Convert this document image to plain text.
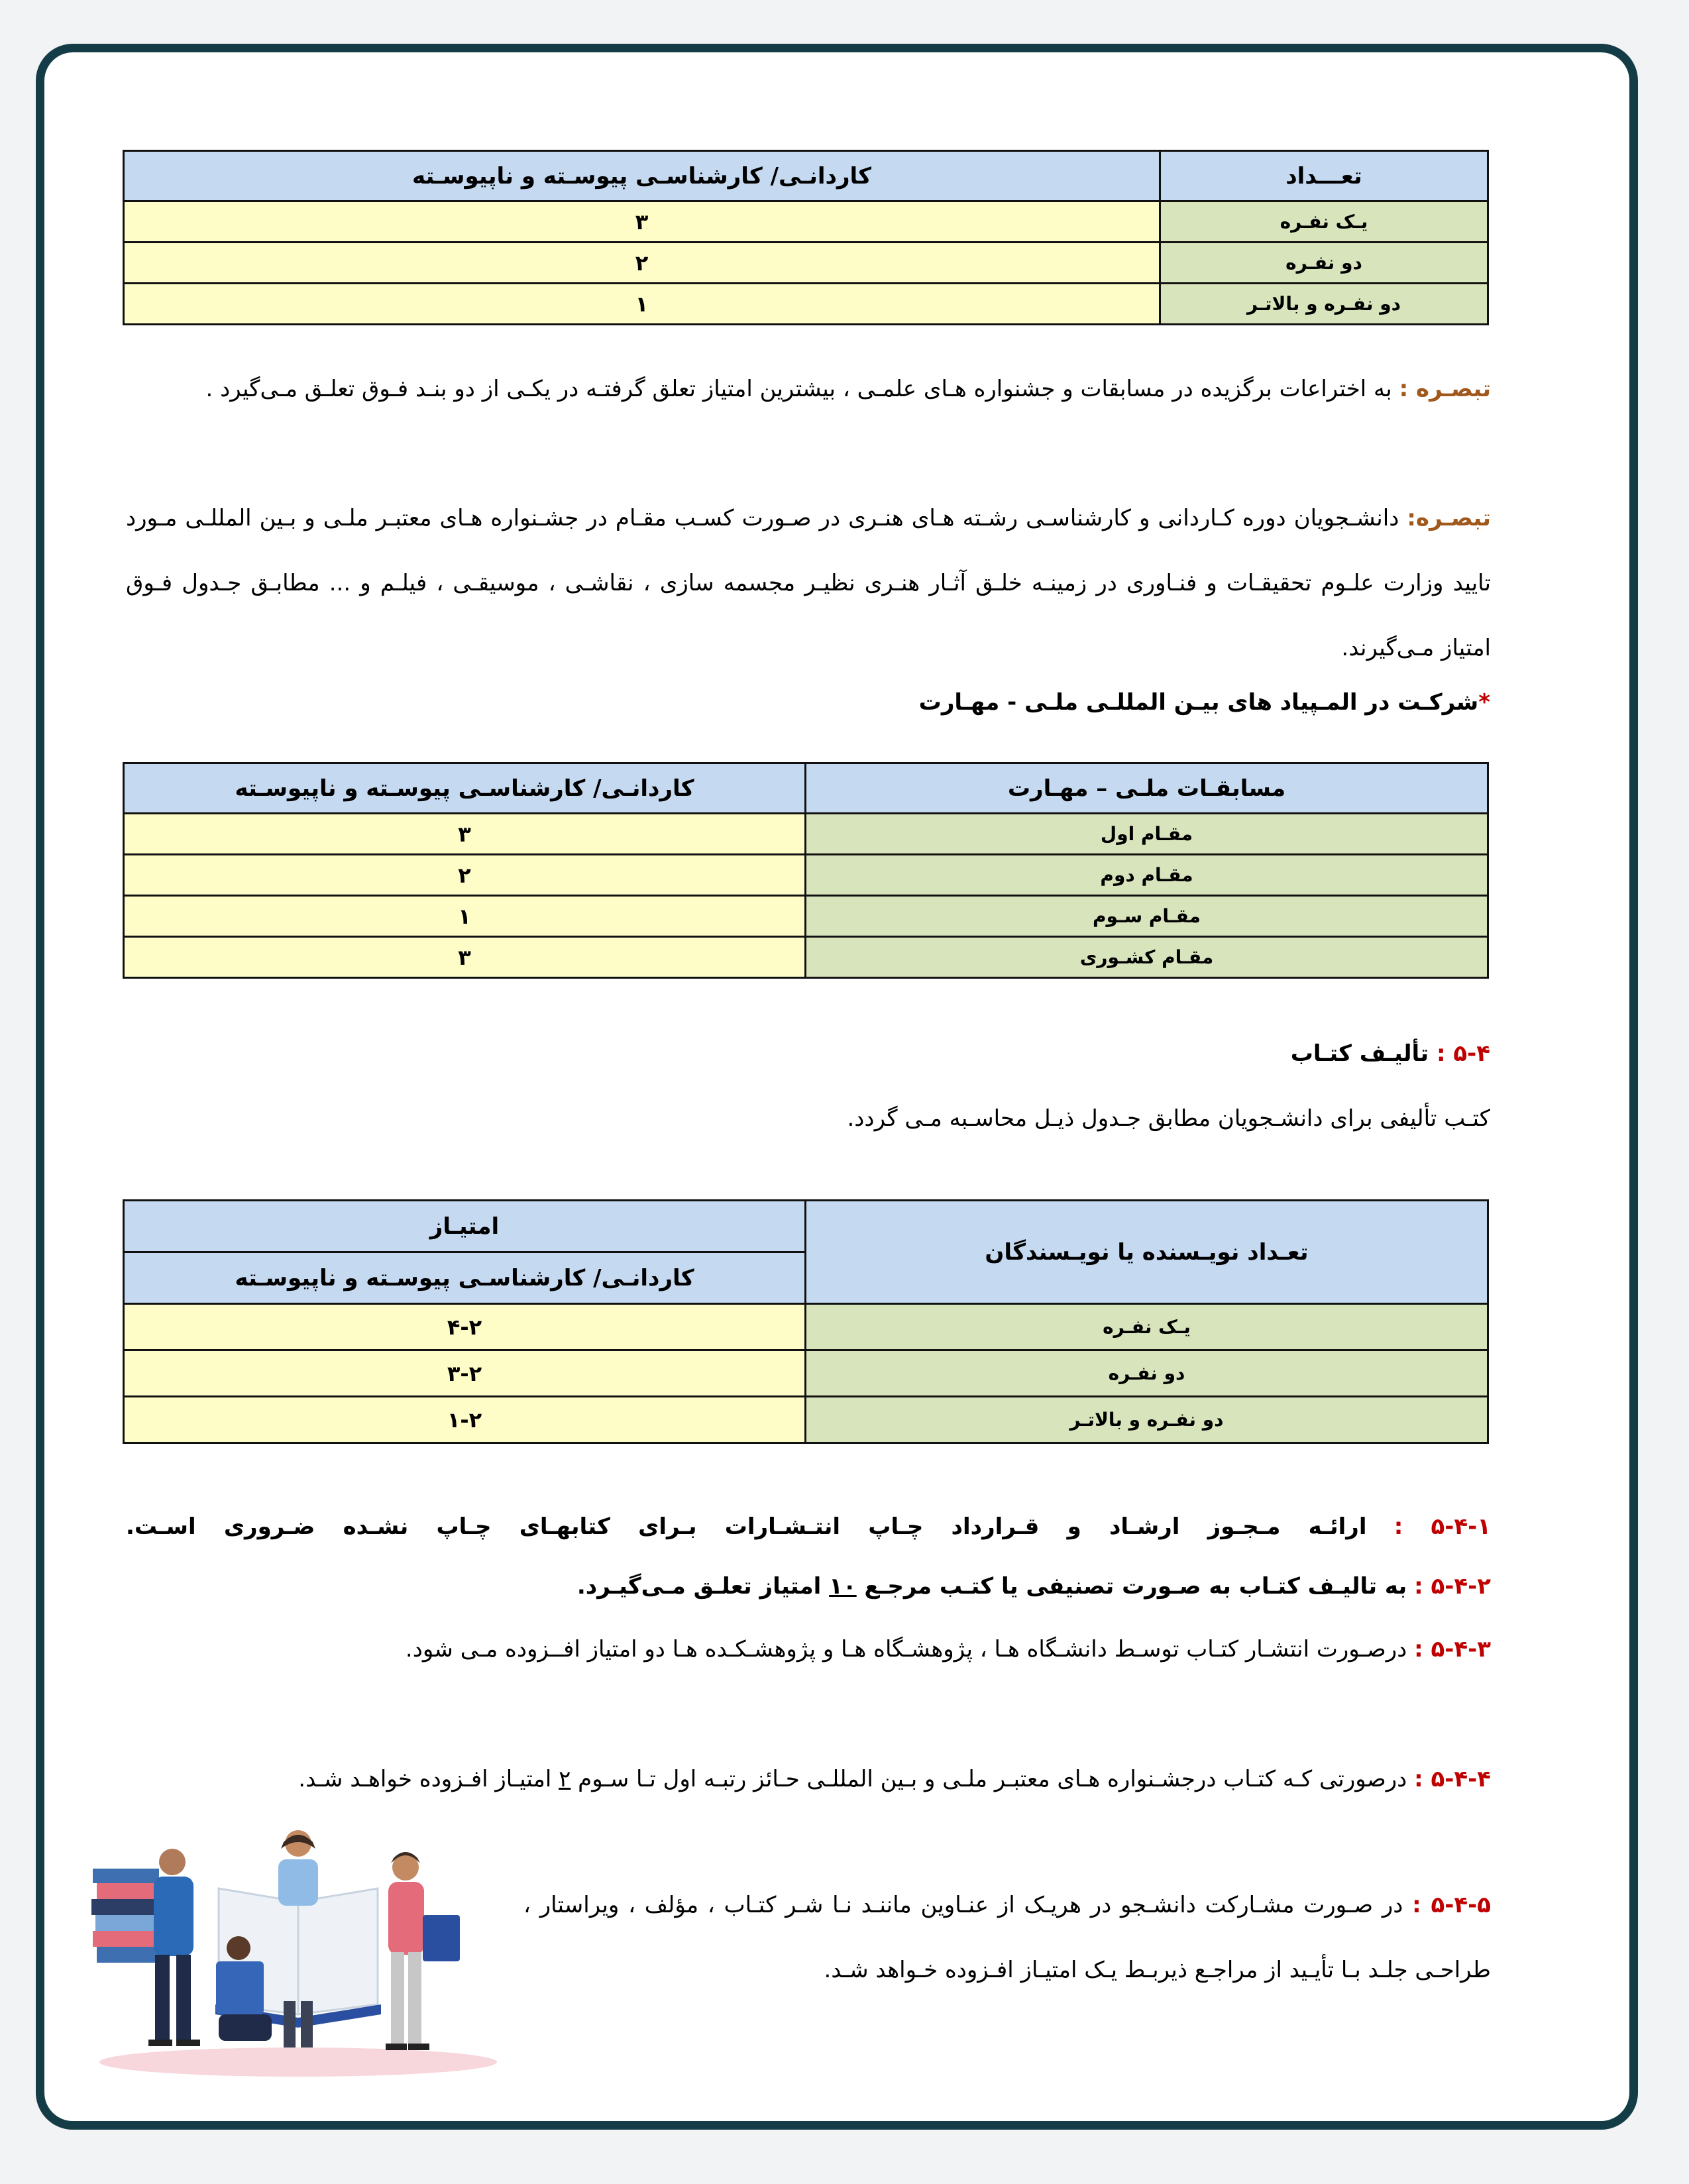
تعـــداد	کاردانـی/ کارشناسـی پیوسـته و ناپیوسـته
یـک نفـره	۳
دو نفـره	۲
دو نفـره و بالاتـر	۱
تبصـره : به اختراعات برگزیده در مسابقات و جشنواره هـای علمـی ، بیشترین امتیاز تعلق گرفتـه در یکـی از دو بنـد فـوق تعلـق مـی‌گیرد .
تبصـره: دانشـجویان دوره کـاردانی و کارشناسـی رشـته هـای هنـری در صـورت کسـب مقـام در جشـنواره هـای معتبـر ملـی و بـین المللـی مـورد تایید وزارت علـوم تحقیقـات و فنـاوری در زمینـه خلـق آثـار هنـری نظیـر مجسمه سازی ، نقاشـی ، موسیقـی ، فیلـم و ... مطابـق جـدول فـوق امتیاز مـی‌گیرند.
*شرکـت در المـپیاد های بیـن المللـی ملـی - مهـارت
مسابقـات ملـی – مهـارت	کاردانـی/ کارشناسـی پیوسـته و ناپیوسـته
مقـام اول	۳
مقـام دوم	۲
مقـام سـوم	۱
مقـام کشـوری	۳
۵-۴ : تألیـف کتـاب
کتـب تألیفی برای دانشـجویان مطابق جـدول ذیـل محاسـبه مـی گردد.
تعـداد نویـسنده یا نویـسندگان	امتیـاز
	کاردانـی/ کارشناسـی پیوسـته و ناپیوسـته
یـک نفـره	۴-۲
دو نفـره	۳-۲
دو نفـره و بالاتـر	۱-۲
۵-۴-۱ : ارائـه مـجـوز ارشـاد و قـرارداد چـاپ انتـشـارات بـرای کتابهـای چـاپ نشـده ضـروری اسـت.
۵-۴-۲ : به تالیـف کتـاب به صـورت تصنیفی یا کتـب مرجـع ۱۰ امتیاز تعلـق مـی‌گیـرد.
۵-۴-۳ : درصـورت انتشـار کتـاب توسـط دانشـگاه هـا ، پژوهشـگاه هـا و پژوهشـکـده هـا دو امتیاز افــزوده مـی شود.
۵-۴-۴ : درصورتی کـه کتـاب درجشـنواره هـای معتبـر ملـی و بـین المللـی حـائز رتبـه اول تـا سـوم ۲ امتیـاز افـزوده خواهـد شـد.
۵-۴-۵ : در صـورت مشـارکت دانشـجو در هریـک از عنـاوین ماننـد نـا شـر کتـاب ، مؤلف ، ویراستار ، طراحـی جلـد بـا تأیـید از مراجـع ذیربـط یـک امتیـاز افـزوده خـواهد شـد.
